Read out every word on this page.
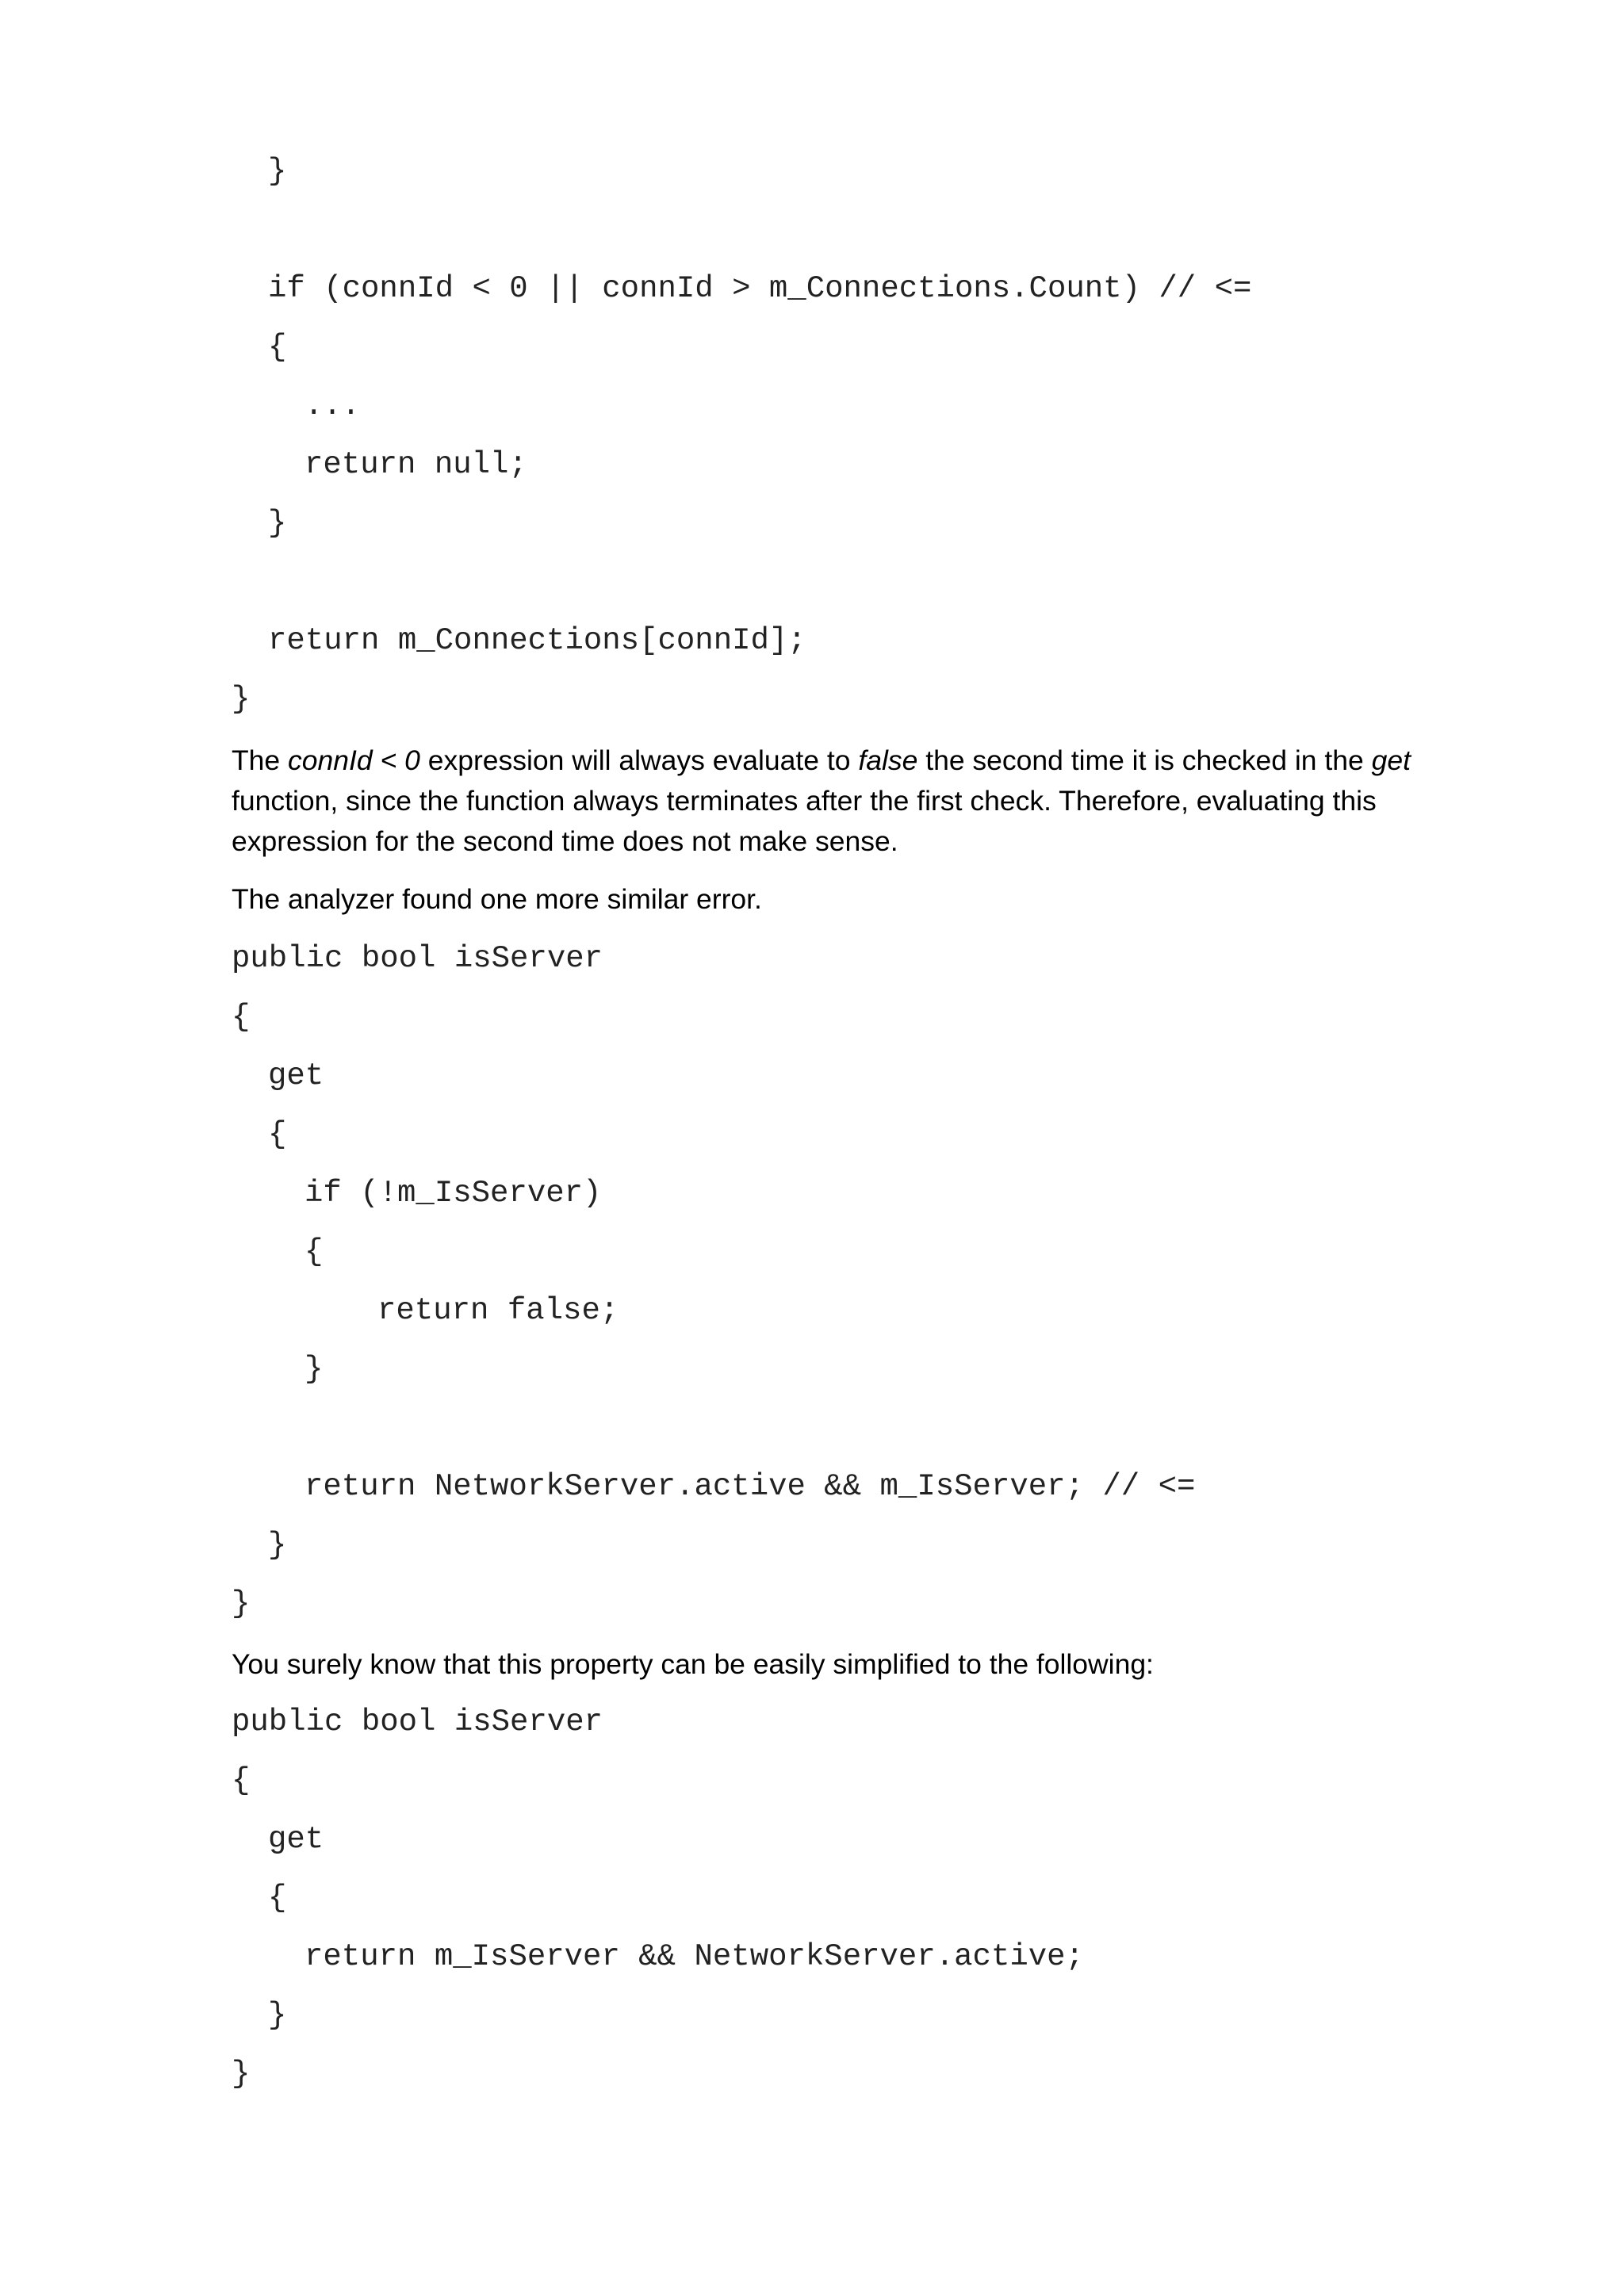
}

if (connId < 0 || connId > m_Connections.Count) // <=

{

...

return null;

}

return m_Connections[connId];

}

The connId < 0 expression will always evaluate to false the second time it is checked in the get function, since the function always terminates after the first check. Therefore, evaluating this expression for the second time does not make sense.

The analyzer found one more similar error.

public bool isServer

{

get

{

if (!m_IsServer)

{

return false;

}

return NetworkServer.active && m_IsServer; // <=

}

}

You surely know that this property can be easily simplified to the following:

public bool isServer

{

get

{

return m_IsServer && NetworkServer.active;

}

}
